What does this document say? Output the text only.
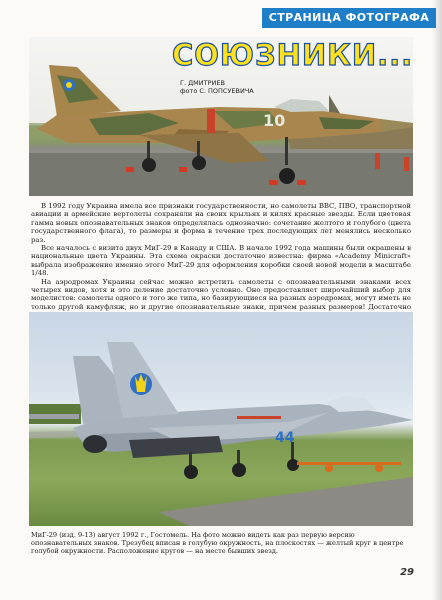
СТРАНИЦА ФОТОГРАФА
10
СОЮЗНИКИ...
Г. ДМИТРИЕВ
фото С. ПОПСУЕВИЧА

В 1992 году Украина имела все признаки государственности, но самолеты ВВС, ПВО, транспортной авиации и армейские вертолеты сохраняли на своих крыльях и килях красные звезды. Если цветовая гамма новых опознавательных знаков определялась однозначно: сочетание желтого и голубого (цвета государственного флага), то размеры и форма в течение трех последующих лет менялись несколько раз.

Все началось с визита двух МиГ-29 в Канаду и США. В начале 1992 года машины были окрашены в национальные цвета Украины. Эта схема окраски достаточно известна: фирма «Academy Minicraft» выбрала изображение именно этого МиГ-29 для оформления коробки своей новой модели в масштабе 1/48.

На аэродромах Украины сейчас можно встретить самолеты с опознавательными знаками всех четырех видов, хотя и это деление достаточно условно. Оно предоставляет широчайший выбор для моделистов: самолеты одного и того же типа, но базирующиеся на разных аэродромах, могут иметь не только другой камуфляж, но и другие опознавательные знаки, причем разных размеров! Достаточно

44
МиГ-29 (изд. 9-13) август 1992 г., Гостомель. На фото можно видеть как раз первую версию опознавательных знаков. Трезубец вписан в голубую окружность, на плоскостях — желтый круг в центре голубой окружности. Расположение кругов — на месте бывших звезд.
29
